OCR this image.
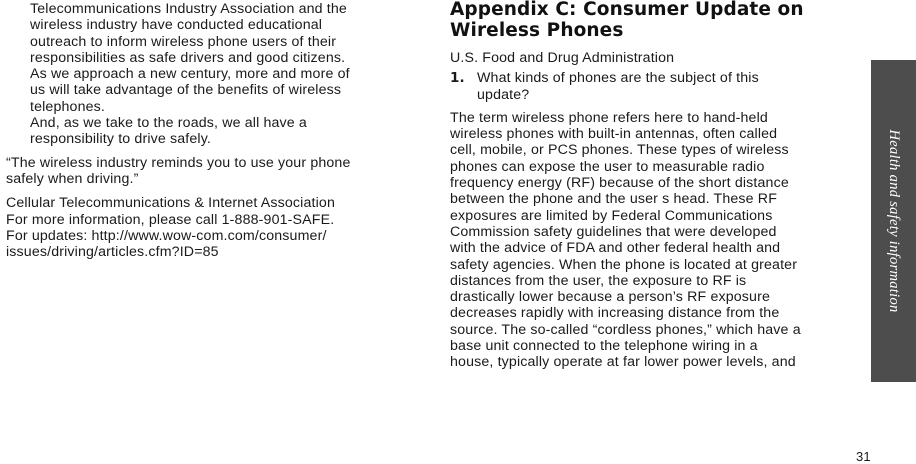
Telecommunications Industry Association and the

wireless industry have conducted educational

outreach to inform wireless phone users of their

responsibilities as safe drivers and good citizens.

As we approach a new century, more and more of

us will take advantage of the benefits of wireless

telephones.

And, as we take to the roads, we all have a

responsibility to drive safely.

“The wireless industry reminds you to use your phone

safely when driving.”

Cellular Telecommunications & Internet Association

For more information, please call 1-888-901-SAFE.

For updates: http://www.wow-com.com/consumer/

issues/driving/articles.cfm?ID=85

Appendix C: Consumer Update on

Wireless Phones

U.S. Food and Drug Administration

1. What kinds of phones are the subject of this

update?

The term wireless phone refers here to hand-held

wireless phones with built-in antennas, often called

cell, mobile, or PCS phones. These types of wireless

phones can expose the user to measurable radio

frequency energy (RF) because of the short distance

between the phone and the user s head. These RF

exposures are limited by Federal Communications

Commission safety guidelines that were developed

with the advice of FDA and other federal health and

safety agencies. When the phone is located at greater

distances from the user, the exposure to RF is

drastically lower because a person’s RF exposure

decreases rapidly with increasing distance from the

source. The so-called “cordless phones,” which have a

base unit connected to the telephone wiring in a

house, typically operate at far lower power levels, and

Health and safety information
31
